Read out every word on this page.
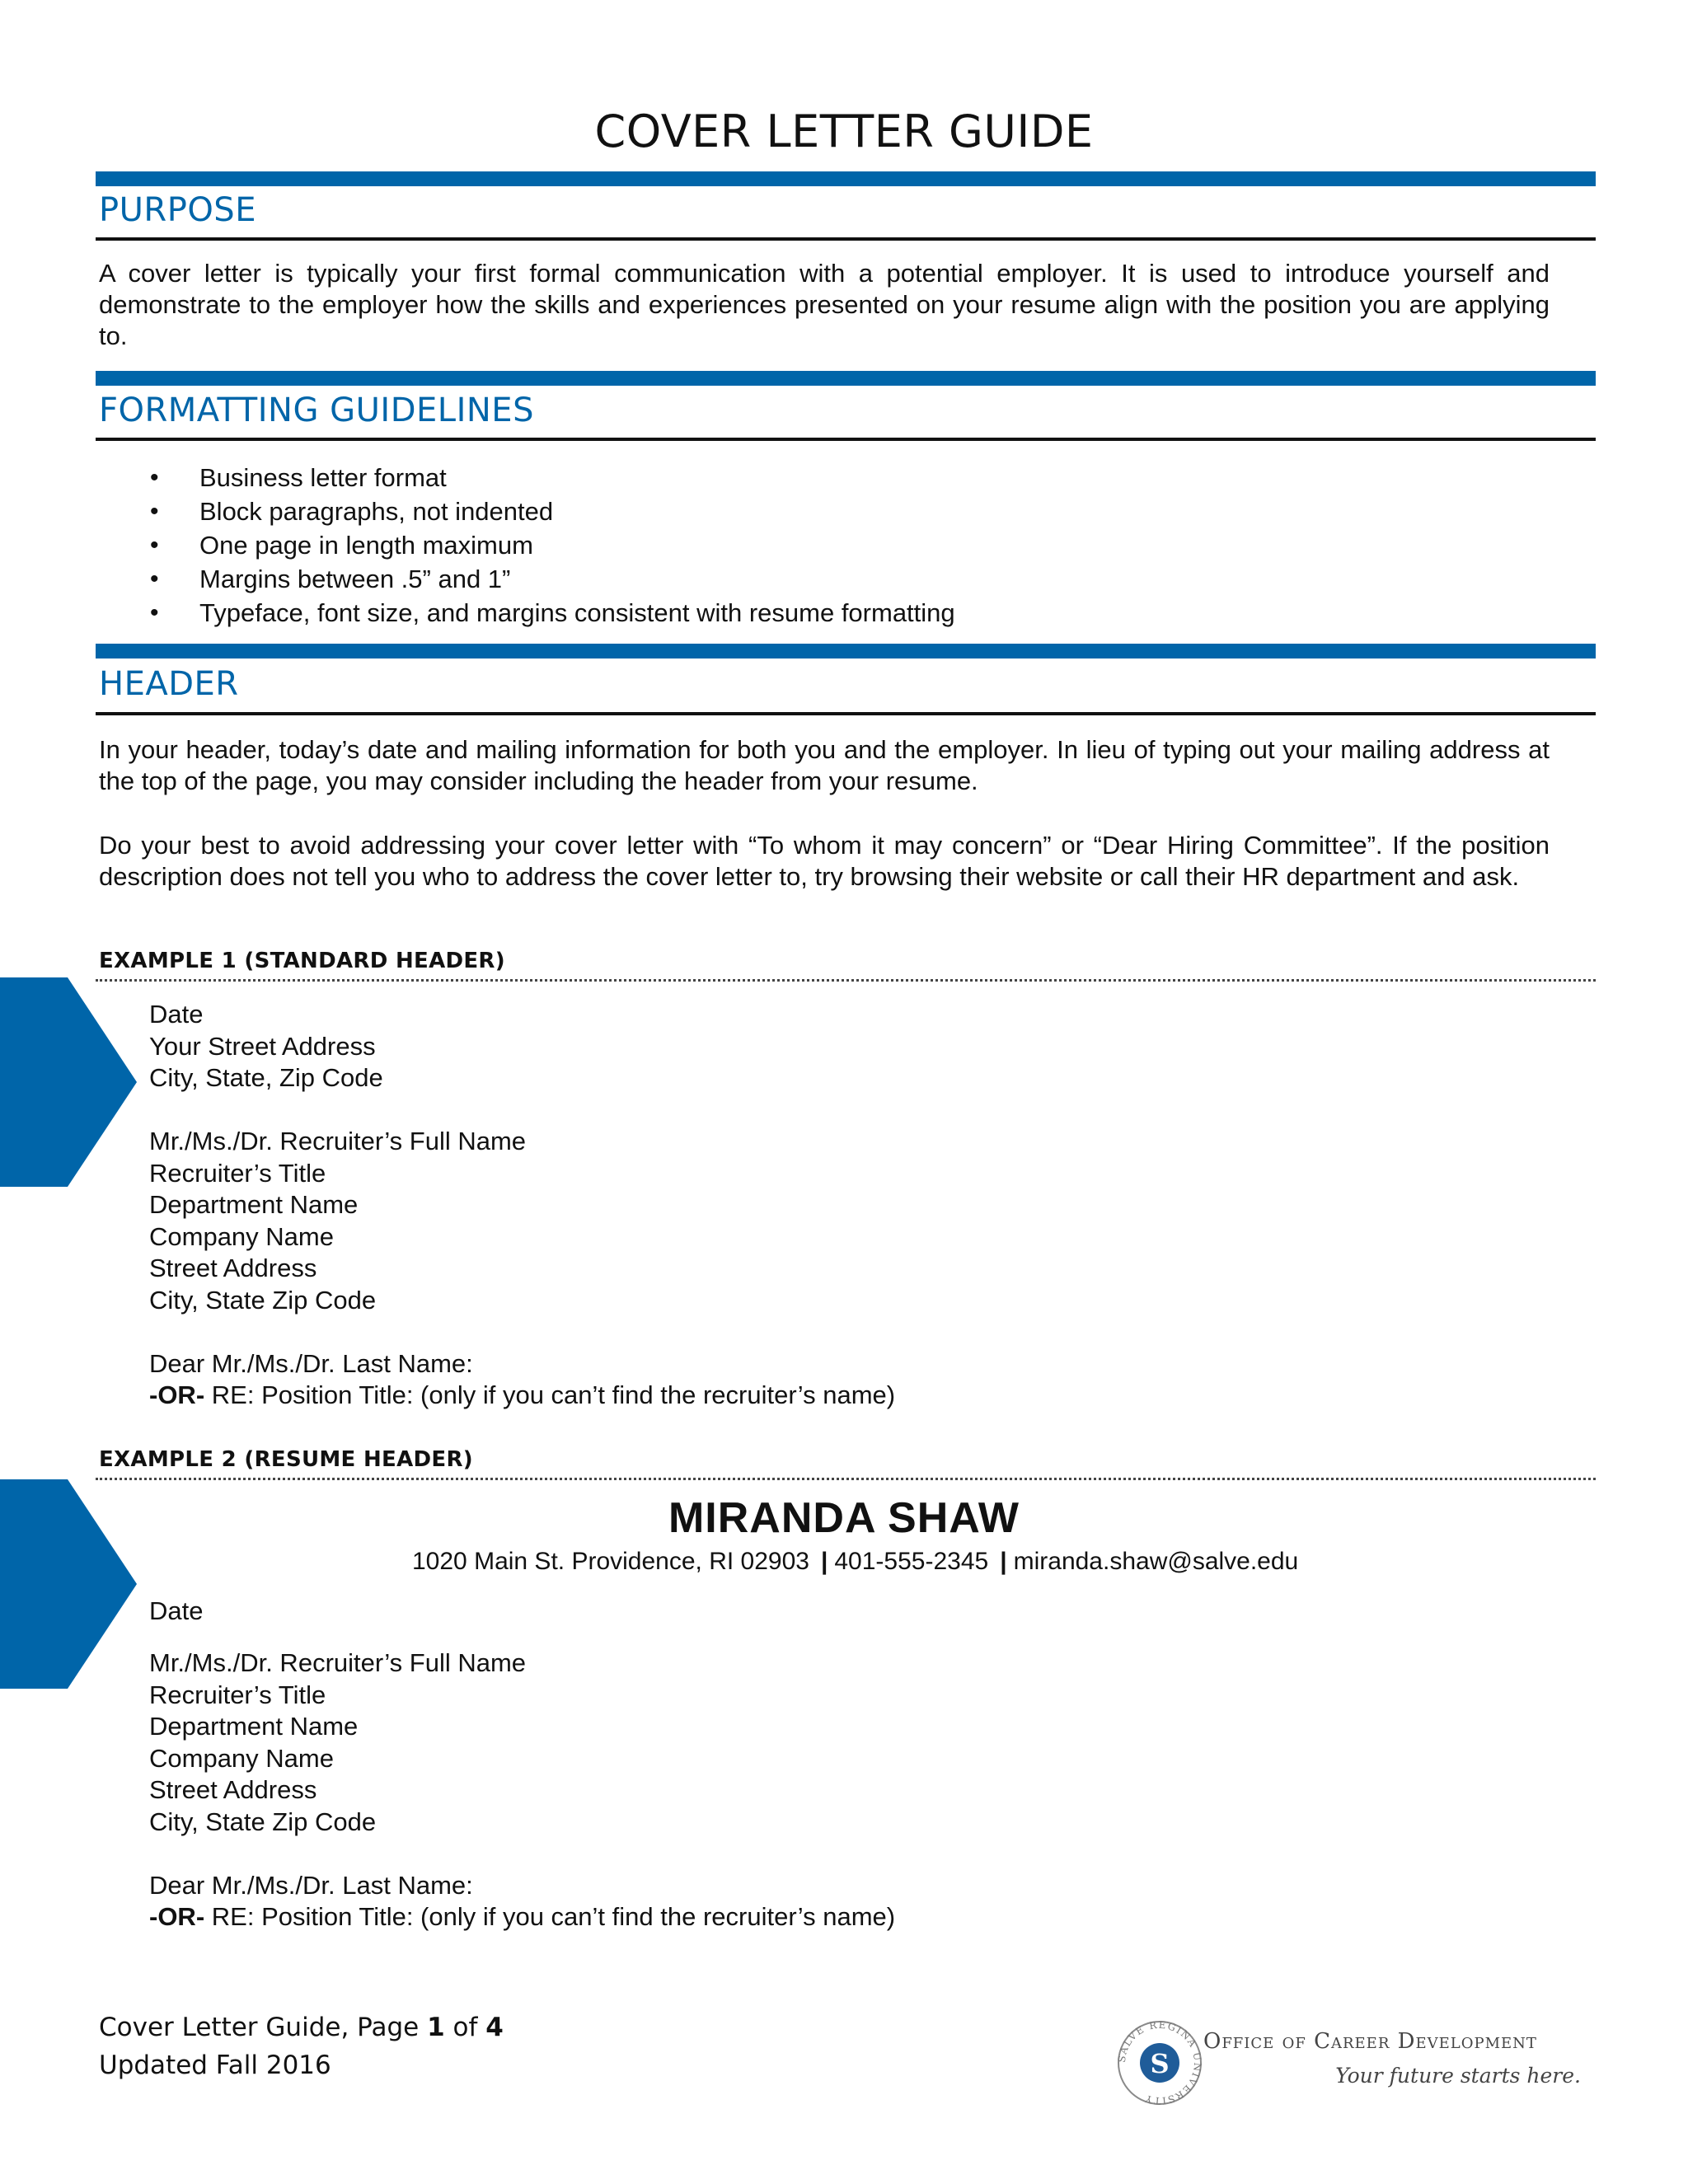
COVER LETTER GUIDE
PURPOSE
A cover letter is typically your first formal communication with a potential employer. It is used to introduce yourself and demonstrate to the employer how the skills and experiences presented on your resume align with the position you are applying to.
FORMATTING GUIDELINES
• Business letter format
• Block paragraphs, not indented
• One page in length maximum
• Margins between .5” and 1”
• Typeface, font size, and margins consistent with resume formatting
HEADER
In your header, today’s date and mailing information for both you and the employer. In lieu of typing out your mailing address at the top of the page, you may consider including the header from your resume.
Do your best to avoid addressing your cover letter with “To whom it may concern” or “Dear Hiring Committee”. If the position description does not tell you who to address the cover letter to, try browsing their website or call their HR department and ask.
EXAMPLE 1 (STANDARD HEADER)
Date
Your Street Address
City, State, Zip Code
Mr./Ms./Dr. Recruiter’s Full Name
Recruiter’s Title
Department Name
Company Name
Street Address
City, State Zip Code
Dear Mr./Ms./Dr. Last Name:
-OR- RE: Position Title: (only if you can’t find the recruiter’s name)
EXAMPLE 2 (RESUME HEADER)
MIRANDA SHAW
1020 Main St. Providence, RI 02903 | 401-555-2345 | miranda.shaw@salve.edu
Date
Mr./Ms./Dr. Recruiter’s Full Name
Recruiter’s Title
Department Name
Company Name
Street Address
City, State Zip Code
Dear Mr./Ms./Dr. Last Name:
-OR- RE: Position Title: (only if you can’t find the recruiter’s name)
Cover Letter Guide, Page 1 of 4
Updated Fall 2016	SALVE REGINA UNIVERSITY
S
Office of Career Development
Your future starts here.
